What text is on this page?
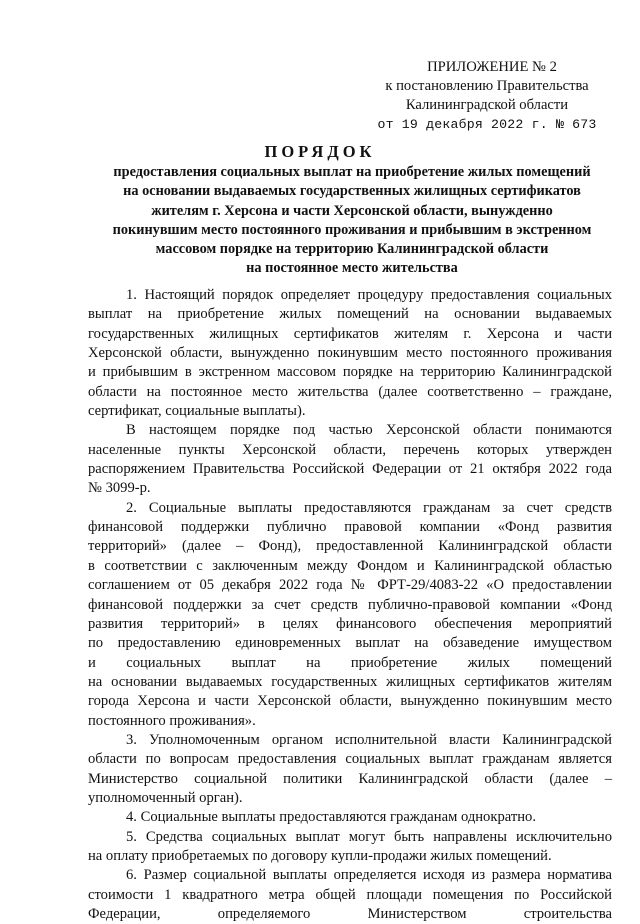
ПРИЛОЖЕНИЕ № 2
к постановлению Правительства
Калининградской области
от 19 декабря 2022 г. № 673
ПОРЯДОК
предоставления социальных выплат на приобретение жилых помещений
на основании выдаваемых государственных жилищных сертификатов
жителям г. Херсона и части Херсонской области, вынужденно
покинувшим место постоянного проживания и прибывшим в экстренном
массовом порядке на территорию Калининградской области
на постоянное место жительства
1. Настоящий порядок определяет процедуру предоставления социальных
выплат на приобретение жилых помещений на основании выдаваемых
государственных жилищных сертификатов жителям г. Херсона и части
Херсонской области, вынужденно покинувшим место постоянного проживания
и прибывшим в экстренном массовом порядке на территорию Калининградской
области на постоянное место жительства (далее соответственно – граждане,
сертификат, социальные выплаты).
В настоящем порядке под частью Херсонской области понимаются
населенные пункты Херсонской области, перечень которых утвержден
распоряжением Правительства Российской Федерации от 21 октября 2022 года
№ 3099-р.
2. Социальные выплаты предоставляются гражданам за счет средств
финансовой поддержки публично правовой компании «Фонд развития
территорий» (далее – Фонд), предоставленной Калининградской области
в соответствии с заключенным между Фондом и Калининградской областью
соглашением от 05 декабря 2022 года № ФРТ-29/4083-22 «О предоставлении
финансовой поддержки за счет средств публично-правовой компании «Фонд
развития территорий» в целях финансового обеспечения мероприятий
по предоставлению единовременных выплат на обзаведение имуществом
и социальных выплат на приобретение жилых помещений
на основании выдаваемых государственных жилищных сертификатов жителям
города Херсона и части Херсонской области, вынужденно покинувшим место
постоянного проживания».
3. Уполномоченным органом исполнительной власти Калининградской
области по вопросам предоставления социальных выплат гражданам является
Министерство социальной политики Калининградской области (далее –
уполномоченный орган).
4. Социальные выплаты предоставляются гражданам однократно.
5. Средства социальных выплат могут быть направлены исключительно
на оплату приобретаемых по договору купли-продажи жилых помещений.
6. Размер социальной выплаты определяется исходя из размера норматива
стоимости 1 квадратного метра общей площади помещения по Российской
Федерации, определяемого Министерством строительства
